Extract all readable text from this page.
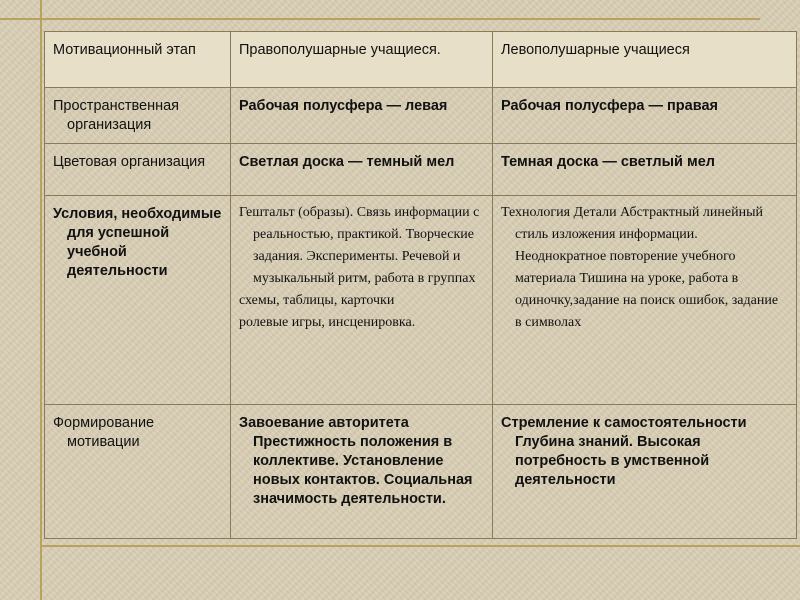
Мотивационный этап	Правополушарные учащиеся.	Левополушарные учащиеся

Пространственная организация	Рабочая полусфера — левая	Рабочая полусфера — правая

Цветовая организация	Светлая доска — темный мел	Темная доска — светлый мел

Условия, необходимые для успешной учебной деятельности	Гештальт (образы). Связь информации с реальностью, практикой. Творческие задания. Эксперименты. Речевой и музыкальный ритм, работа в группах
схемы, таблицы, карточки
ролевые игры, инсценировка.	Технология Детали Абстрактный линейный стиль изложения информации. Неоднократное повторение учебного материала Тишина на уроке, работа в одиночку,задание на поиск ошибок, задание в символах

Формирование мотивации	Завоевание авторитета Престижность положения в коллективе. Установление новых контактов. Социальная значимость деятельности.	Стремление к самостоятельности Глубина знаний. Высокая потребность в умственной деятельности
